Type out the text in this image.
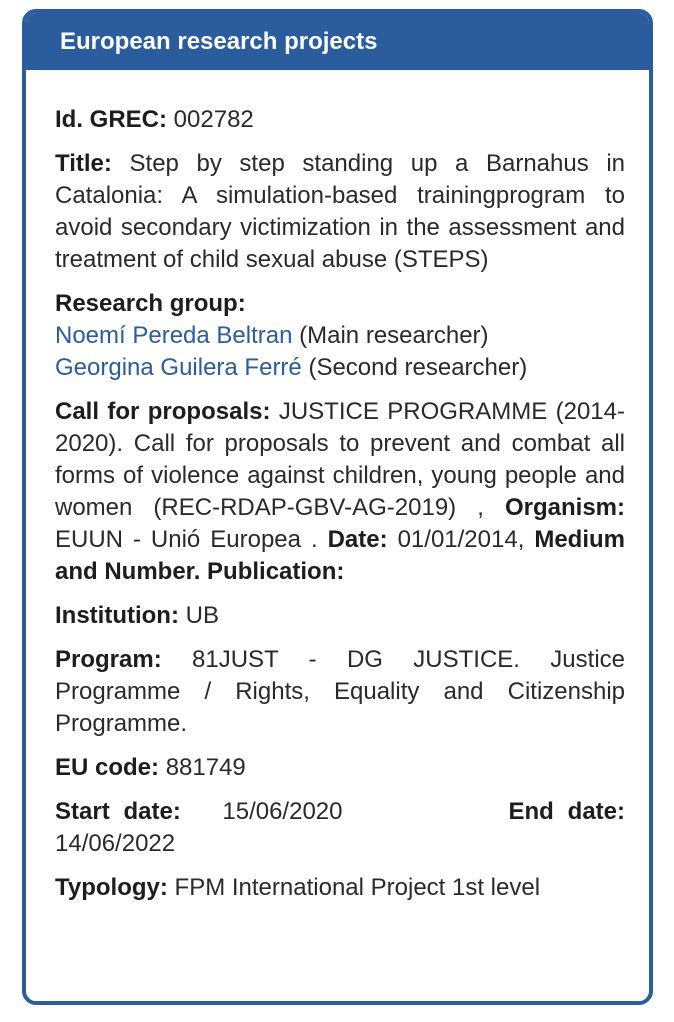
European research projects

Id. GREC: 002782

Title: Step by step standing up a Barnahus in Catalonia: A simulation-based trainingprogram to avoid secondary victimization in the assessment and treatment of child sexual abuse (STEPS)

Research group:
Noemí Pereda Beltran (Main researcher)
Georgina Guilera Ferré (Second researcher)

Call for proposals: JUSTICE PROGRAMME (2014-2020). Call for proposals to prevent and combat all forms of violence against children, young people and women (REC-RDAP-GBV-AG-2019) , Organism: EUUN - Unió Europea . Date: 01/01/2014, Medium and Number. Publication:

Institution: UB

Program: 81JUST - DG JUSTICE. Justice Programme / Rights, Equality and Citizenship Programme.

EU code: 881749

Start date: 15/06/2020	End date: 14/06/2022

Typology: FPM International Project 1st level
